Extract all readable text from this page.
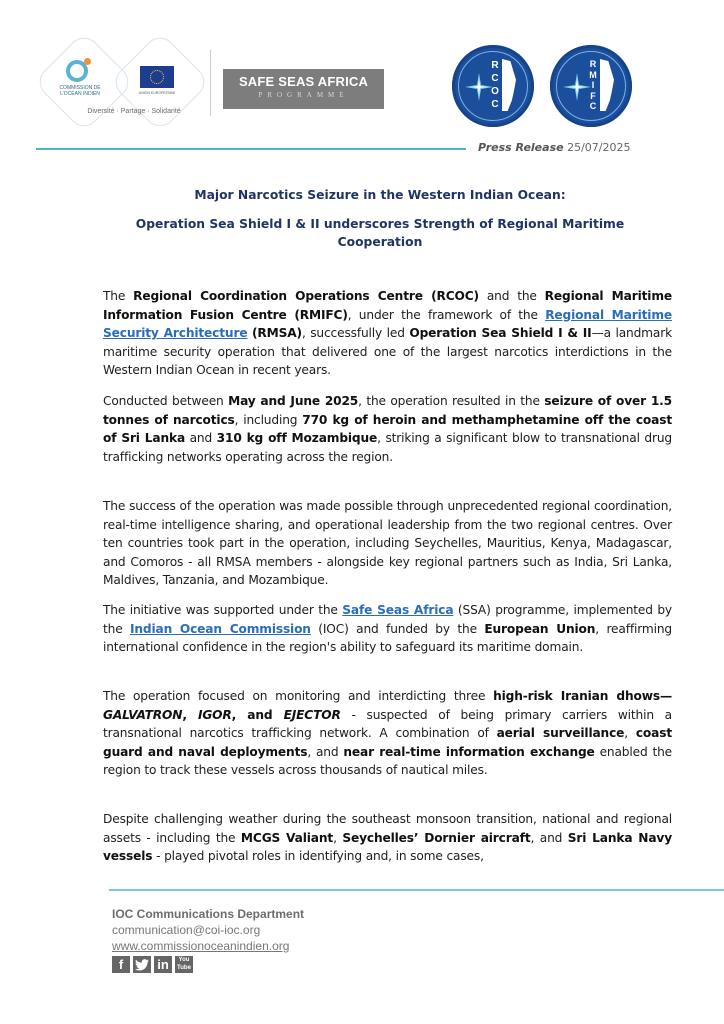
COMMISSION DE L'OCÉAN INDIEN	UNION EUROPÉENNE
Diversité · Partage · Solidarité
SAFE SEAS AFRICA
PROGRAMME
R
C
O
C
R
M
I
F
C
Press Release 25/07/2025
Major Narcotics Seizure in the Western Indian Ocean:
Operation Sea Shield I & II underscores Strength of Regional Maritime Cooperation
The Regional Coordination Operations Centre (RCOC) and the Regional Maritime Information Fusion Centre (RMIFC), under the framework of the Regional Maritime Security Architecture (RMSA), successfully led Operation Sea Shield I & II—a landmark maritime security operation that delivered one of the largest narcotics interdictions in the Western Indian Ocean in recent years.
Conducted between May and June 2025, the operation resulted in the seizure of over 1.5 tonnes of narcotics, including 770 kg of heroin and methamphetamine off the coast of Sri Lanka and 310 kg off Mozambique, striking a significant blow to transnational drug trafficking networks operating across the region.
The success of the operation was made possible through unprecedented regional coordination, real-time intelligence sharing, and operational leadership from the two regional centres. Over ten countries took part in the operation, including Seychelles, Mauritius, Kenya, Madagascar, and Comoros - all RMSA members - alongside key regional partners such as India, Sri Lanka, Maldives, Tanzania, and Mozambique.
The initiative was supported under the Safe Seas Africa (SSA) programme, implemented by the Indian Ocean Commission (IOC) and funded by the European Union, reaffirming international confidence in the region's ability to safeguard its maritime domain.
The operation focused on monitoring and interdicting three high-risk Iranian dhows—GALVATRON, IGOR, and EJECTOR - suspected of being primary carriers within a transnational narcotics trafficking network. A combination of aerial surveillance, coast guard and naval deployments, and near real-time information exchange enabled the region to track these vessels across thousands of nautical miles.
Despite challenging weather during the southeast monsoon transition, national and regional assets - including the MCGS Valiant, Seychelles’ Dornier aircraft, and Sri Lanka Navy vessels - played pivotal roles in identifying and, in some cases,
IOC Communications Department
communication@coi-ioc.org
www.commissionoceanindien.org
f	in	You Tube
